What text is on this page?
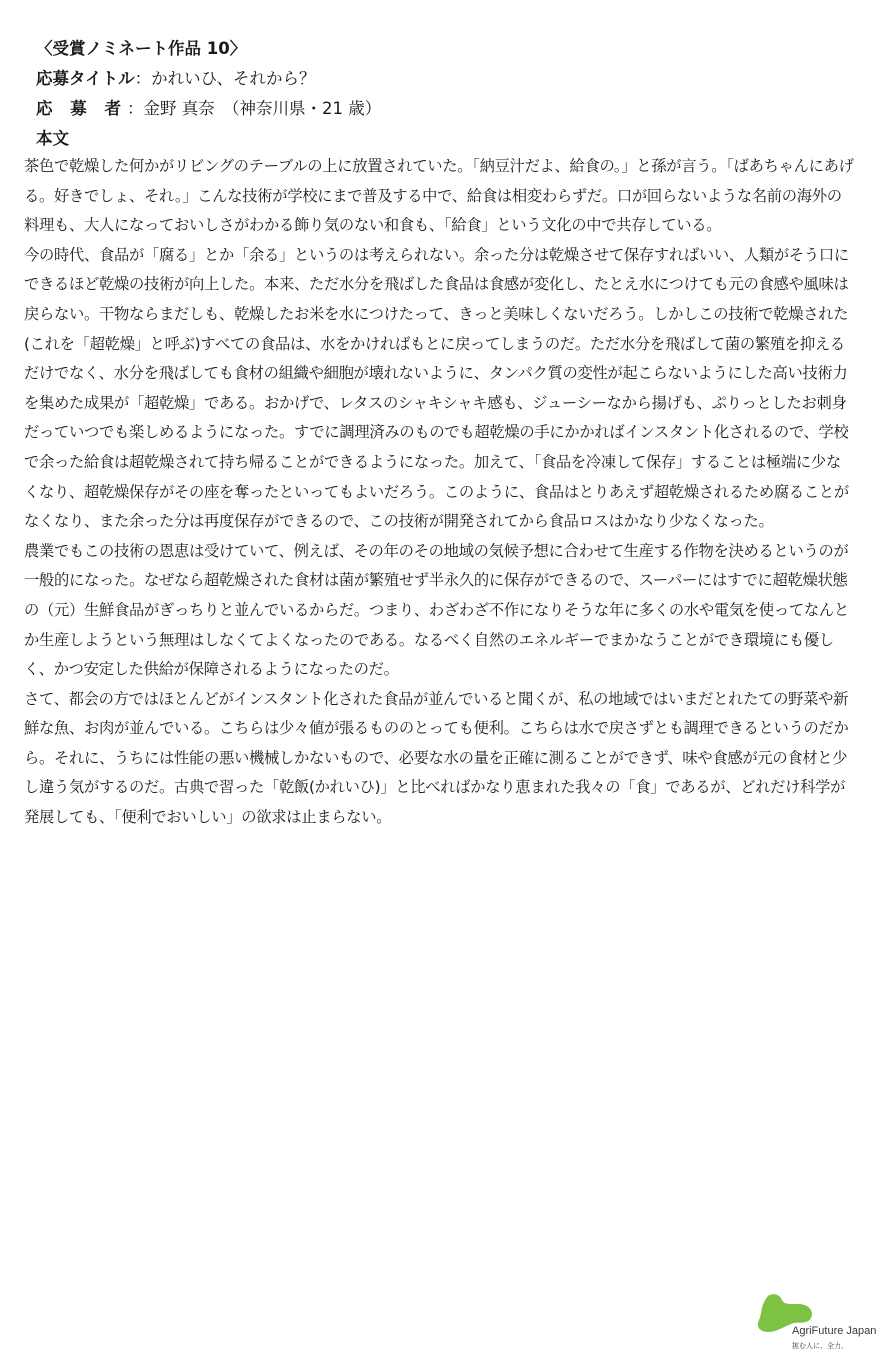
〈受賞ノミネート作品 10〉
応募タイトル：かれいひ、それから？
応 募 者：金野 真奈　（神奈川県・21 歳）
本文

茶色で乾燥した何かがリビングのテーブルの上に放置されていた。「納豆汁だよ、給食の。」と孫が言う。「ばあちゃんにあげる。好きでしょ、それ。」こんな技術が学校にまで普及する中で、給食は相変わらずだ。口が回らないような名前の海外の料理も、大人になっておいしさがわかる飾り気のない和食も、「給食」という文化の中で共存している。

今の時代、食品が「腐る」とか「余る」というのは考えられない。余った分は乾燥させて保存すればいい、人類がそう口にできるほど乾燥の技術が向上した。本来、ただ水分を飛ばした食品は食感が変化し、たとえ水につけても元の食感や風味は戻らない。干物ならまだしも、乾燥したお米を水につけたって、きっと美味しくないだろう。しかしこの技術で乾燥された(これを「超乾燥」と呼ぶ)すべての食品は、水をかければもとに戻ってしまうのだ。ただ水分を飛ばして菌の繁殖を抑えるだけでなく、水分を飛ばしても食材の組織や細胞が壊れないように、タンパク質の変性が起こらないようにした高い技術力を集めた成果が「超乾燥」である。おかげで、レタスのシャキシャキ感も、ジューシーなから揚げも、ぷりっとしたお刺身だっていつでも楽しめるようになった。すでに調理済みのものでも超乾燥の手にかかればインスタント化されるので、学校で余った給食は超乾燥されて持ち帰ることができるようになった。加えて、「食品を冷凍して保存」することは極端に少なくなり、超乾燥保存がその座を奪ったといってもよいだろう。このように、食品はとりあえず超乾燥されるため腐ることがなくなり、また余った分は再度保存ができるので、この技術が開発されてから食品ロスはかなり少なくなった。

農業でもこの技術の恩恵は受けていて、例えば、その年のその地域の気候予想に合わせて生産する作物を決めるというのが一般的になった。なぜなら超乾燥された食材は菌が繁殖せず半永久的に保存ができるので、スーパーにはすでに超乾燥状態の（元）生鮮食品がぎっちりと並んでいるからだ。つまり、わざわざ不作になりそうな年に多くの水や電気を使ってなんとか生産しようという無理はしなくてよくなったのである。なるべく自然のエネルギーでまかなうことができ環境にも優しく、かつ安定した供給が保障されるようになったのだ。

さて、都会の方ではほとんどがインスタント化された食品が並んでいると聞くが、私の地域ではいまだとれたての野菜や新鮮な魚、お肉が並んでいる。こちらは少々値が張るもののとっても便利。こちらは水で戻さずとも調理できるというのだから。それに、うちには性能の悪い機械しかないもので、必要な水の量を正確に測ることができず、味や食感が元の食材と少し違う気がするのだ。古典で習った「乾飯(かれいひ)」と比べればかなり恵まれた我々の「食」であるが、どれだけ科学が発展しても、「便利でおいしい」の欲求は止まらない。

AgriFuture Japan
挑む人に、全力。
